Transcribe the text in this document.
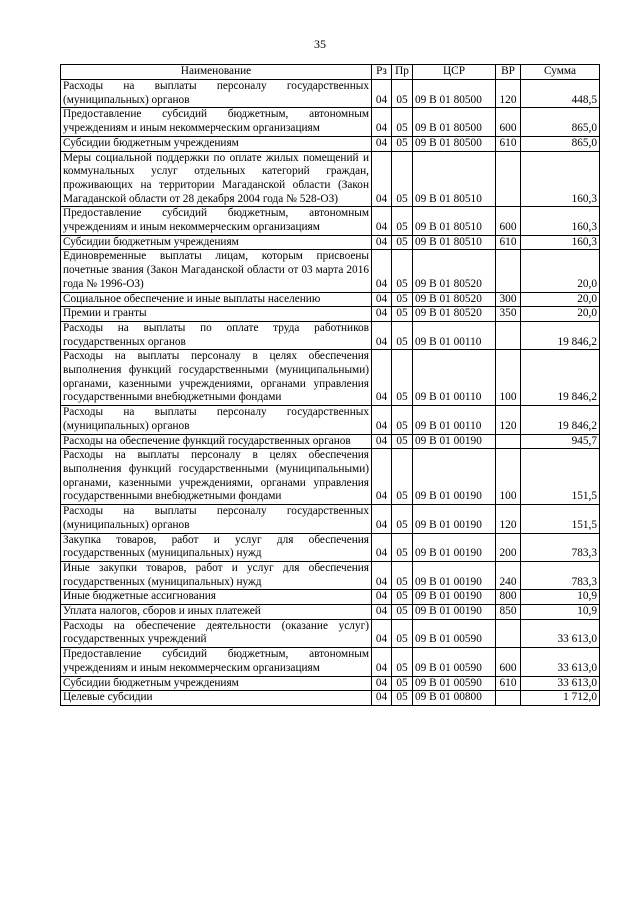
35
Наименование	Рз	Пр	ЦСР	ВР	Сумма
Расходы на выплаты персоналу государственных (муниципальных) органов	04	05	09 В 01 80500	120	448,5
Предоставление субсидий бюджетным, автономным учреждениям и иным некоммерческим организациям	04	05	09 В 01 80500	600	865,0
Субсидии бюджетным учреждениям	04	05	09 В 01 80500	610	865,0
Меры социальной поддержки по оплате жилых помещений и коммунальных услуг отдельных категорий граждан, проживающих на территории Магаданской области (Закон Магаданской области от 28 декабря 2004 года № 528-ОЗ)	04	05	09 В 01 80510		160,3
Предоставление субсидий бюджетным, автономным учреждениям и иным некоммерческим организациям	04	05	09 В 01 80510	600	160,3
Субсидии бюджетным учреждениям	04	05	09 В 01 80510	610	160,3
Единовременные выплаты лицам, которым присвоены почетные звания (Закон Магаданской области от 03 марта 2016 года № 1996-ОЗ)	04	05	09 В 01 80520		20,0
Социальное обеспечение и иные выплаты населению	04	05	09 В 01 80520	300	20,0
Премии и гранты	04	05	09 В 01 80520	350	20,0
Расходы на выплаты по оплате труда работников государственных органов	04	05	09 В 01 00110		19 846,2
Расходы на выплаты персоналу в целях обеспечения выполнения функций государственными (муниципальными) органами, казенными учреждениями, органами управления государственными внебюджетными фондами	04	05	09 В 01 00110	100	19 846,2
Расходы на выплаты персоналу государственных (муниципальных) органов	04	05	09 В 01 00110	120	19 846,2
Расходы на обеспечение функций государственных органов	04	05	09 В 01 00190		945,7
Расходы на выплаты персоналу в целях обеспечения выполнения функций государственными (муниципальными) органами, казенными учреждениями, органами управления государственными внебюджетными фондами	04	05	09 В 01 00190	100	151,5
Расходы на выплаты персоналу государственных (муниципальных) органов	04	05	09 В 01 00190	120	151,5
Закупка товаров, работ и услуг для обеспечения государственных (муниципальных) нужд	04	05	09 В 01 00190	200	783,3
Иные закупки товаров, работ и услуг для обеспечения государственных (муниципальных) нужд	04	05	09 В 01 00190	240	783,3
Иные бюджетные ассигнования	04	05	09 В 01 00190	800	10,9
Уплата налогов, сборов и иных платежей	04	05	09 В 01 00190	850	10,9
Расходы на обеспечение деятельности (оказание услуг) государственных учреждений	04	05	09 В 01 00590		33 613,0
Предоставление субсидий бюджетным, автономным учреждениям и иным некоммерческим организациям	04	05	09 В 01 00590	600	33 613,0
Субсидии бюджетным учреждениям	04	05	09 В 01 00590	610	33 613,0
Целевые субсидии	04	05	09 В 01 00800		1 712,0
